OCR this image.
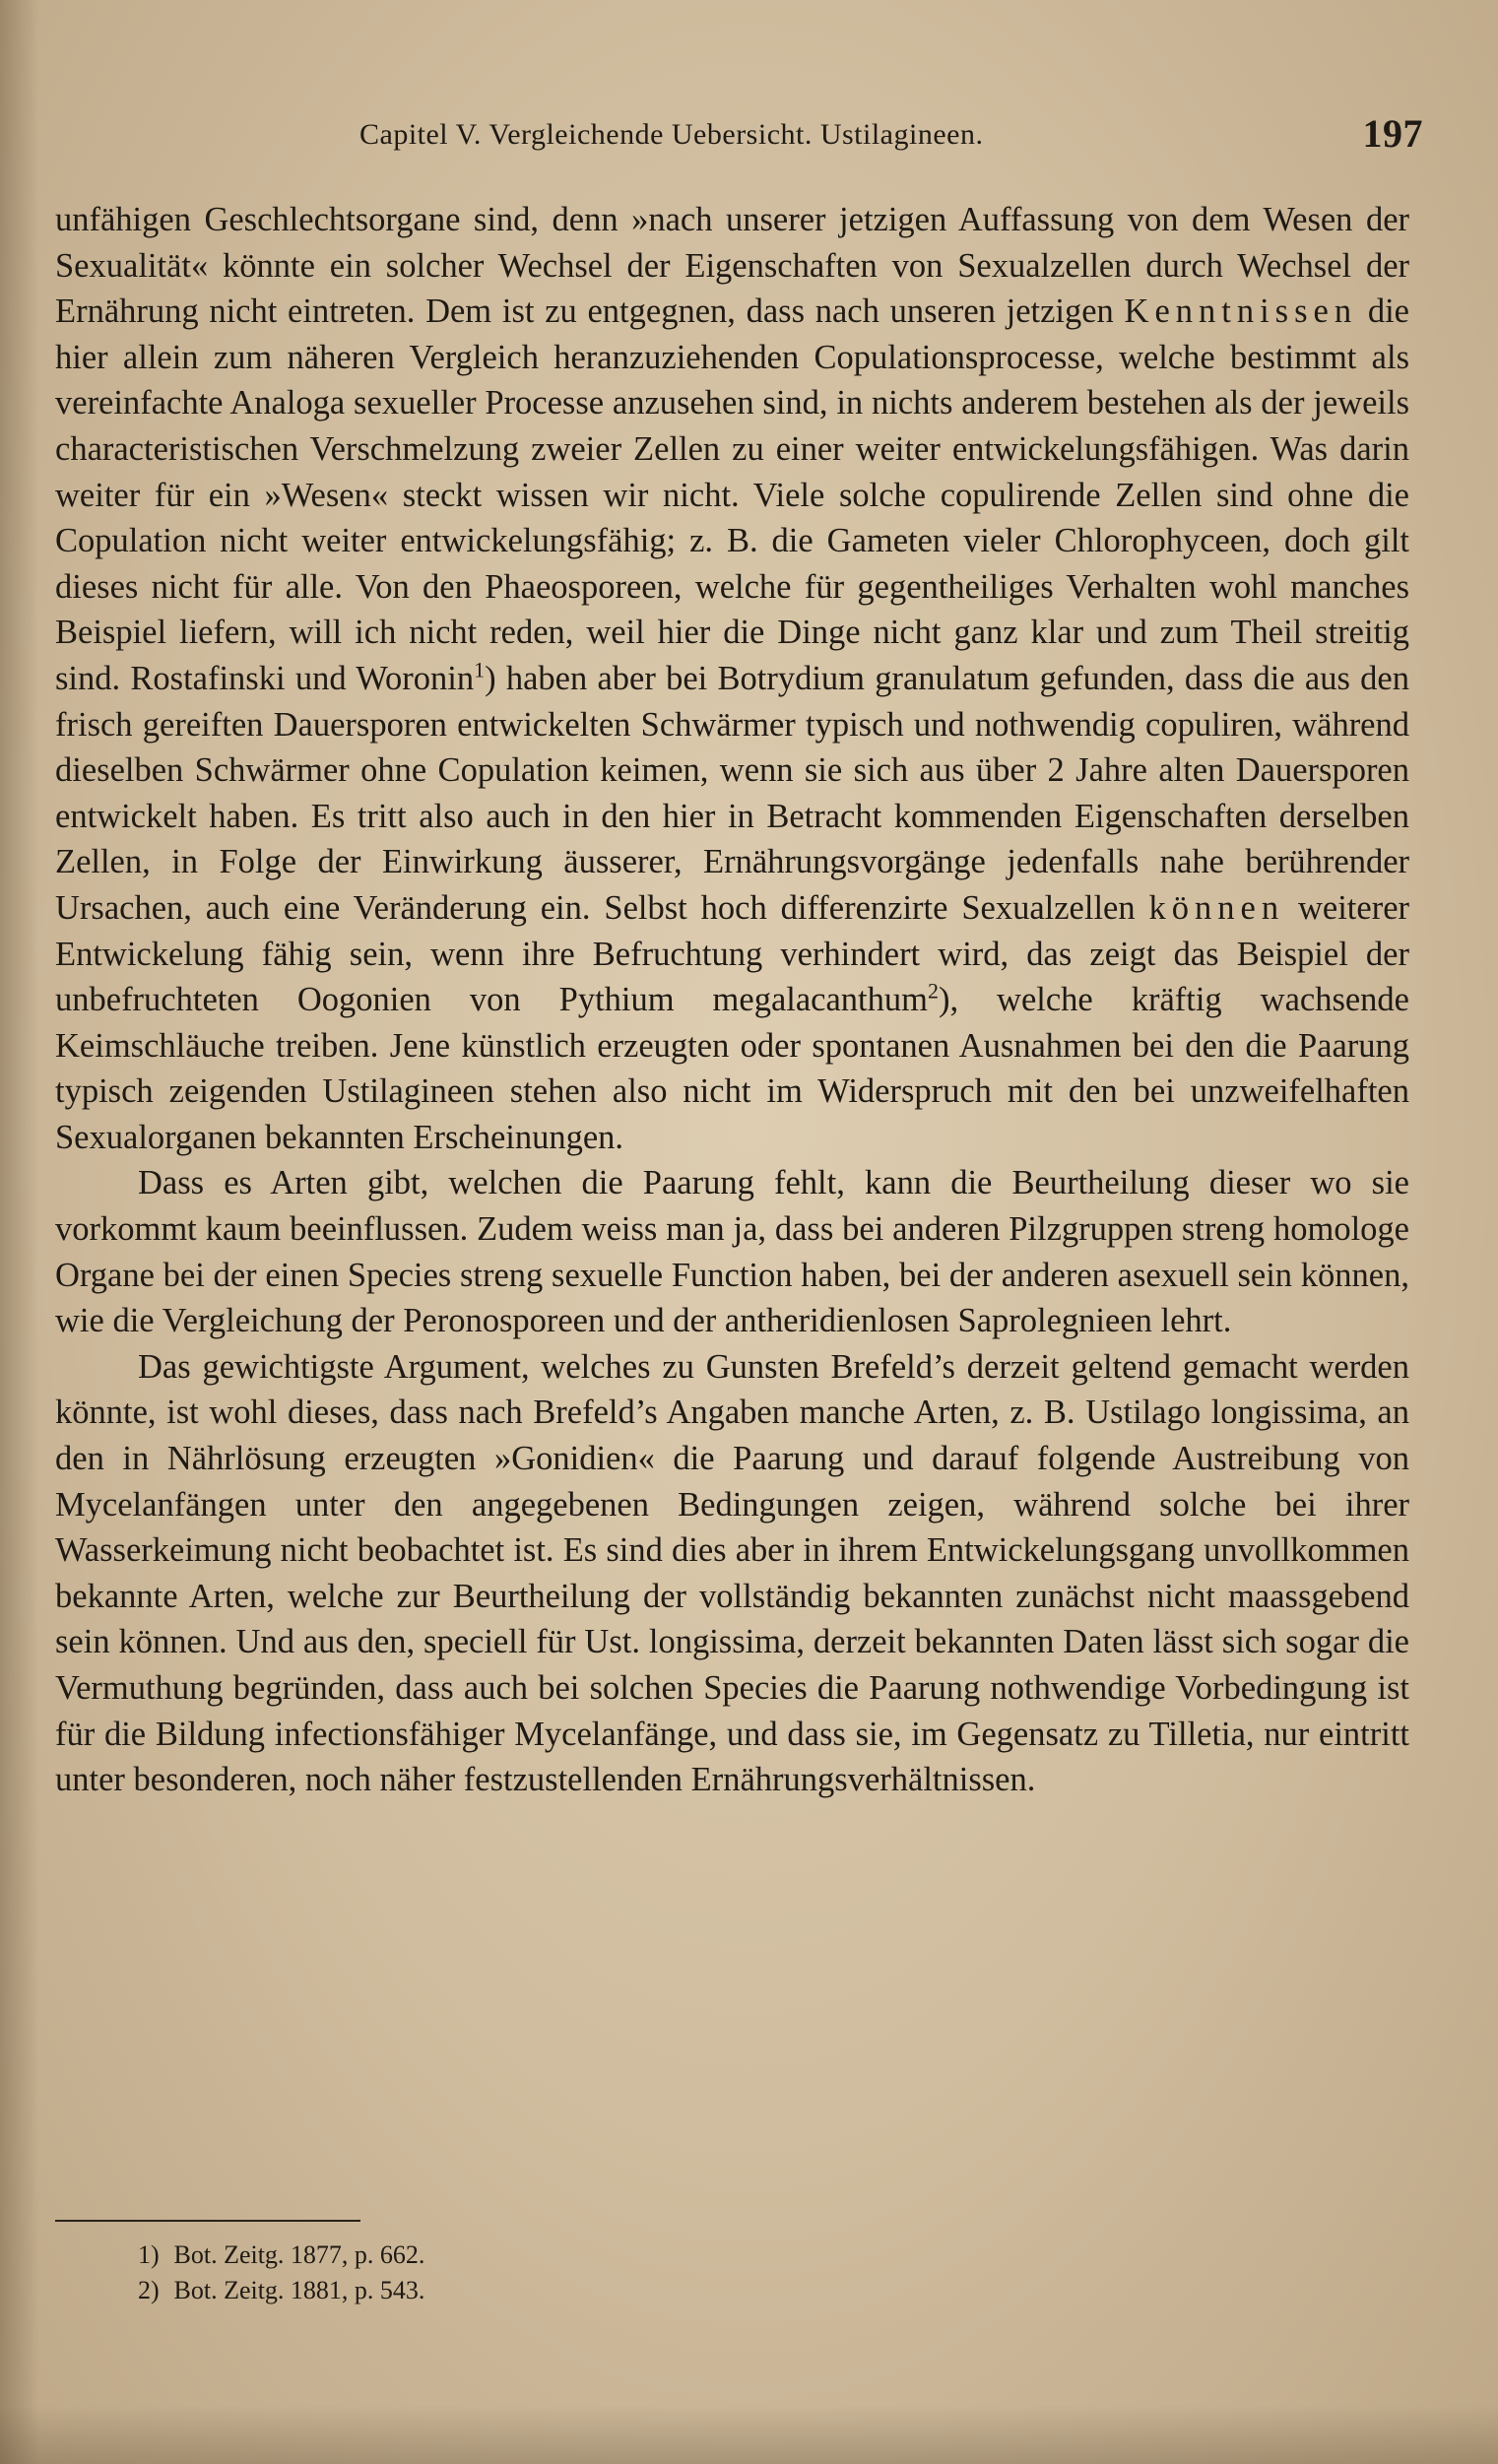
Capitel V. Vergleichende Uebersicht. Ustilagineen.	197

unfähigen Geschlechtsorgane sind, denn »nach unserer jetzigen Auffassung von dem Wesen der Sexualität« könnte ein solcher Wechsel der Eigenschaften von Sexualzellen durch Wechsel der Ernährung nicht eintreten. Dem ist zu entgegnen, dass nach unseren jetzigen Kenntnissen die hier allein zum näheren Vergleich heranzuziehenden Copulationsprocesse, welche bestimmt als vereinfachte Analoga sexueller Processe anzusehen sind, in nichts anderem bestehen als der jeweils characteristischen Verschmelzung zweier Zellen zu einer weiter entwickelungsfähigen. Was darin weiter für ein »Wesen« steckt wissen wir nicht. Viele solche copulirende Zellen sind ohne die Copulation nicht weiter entwickelungsfähig; z. B. die Gameten vieler Chlorophyceen, doch gilt dieses nicht für alle. Von den Phaeosporeen, welche für gegentheiliges Verhalten wohl manches Beispiel liefern, will ich nicht reden, weil hier die Dinge nicht ganz klar und zum Theil streitig sind. Rostafinski und Woronin$^1$) haben aber bei Botrydium granulatum gefunden, dass die aus den frisch gereiften Dauersporen entwickelten Schwärmer typisch und nothwendig copuliren, während dieselben Schwärmer ohne Copulation keimen, wenn sie sich aus über 2 Jahre alten Dauersporen entwickelt haben. Es tritt also auch in den hier in Betracht kommenden Eigenschaften derselben Zellen, in Folge der Einwirkung äusserer, Ernährungsvorgänge jedenfalls nahe berührender Ursachen, auch eine Veränderung ein. Selbst hoch differenzirte Sexualzellen können weiterer Entwickelung fähig sein, wenn ihre Befruchtung verhindert wird, das zeigt das Beispiel der unbefruchteten Oogonien von Pythium megalacanthum$^2$), welche kräftig wachsende Keimschläuche treiben. Jene künstlich erzeugten oder spontanen Ausnahmen bei den die Paarung typisch zeigenden Ustilagineen stehen also nicht im Widerspruch mit den bei unzweifelhaften Sexualorganen bekannten Erscheinungen.

Dass es Arten gibt, welchen die Paarung fehlt, kann die Beurtheilung dieser wo sie vorkommt kaum beeinflussen. Zudem weiss man ja, dass bei anderen Pilzgruppen streng homologe Organe bei der einen Species streng sexuelle Function haben, bei der anderen asexuell sein können, wie die Vergleichung der Peronosporeen und der antheridienlosen Saprolegnieen lehrt.

Das gewichtigste Argument, welches zu Gunsten Brefeld’s derzeit geltend gemacht werden könnte, ist wohl dieses, dass nach Brefeld’s Angaben manche Arten, z. B. Ustilago longissima, an den in Nährlösung erzeugten »Gonidien« die Paarung und darauf folgende Austreibung von Mycelanfängen unter den angegebenen Bedingungen zeigen, während solche bei ihrer Wasserkeimung nicht beobachtet ist. Es sind dies aber in ihrem Entwickelungsgang unvollkommen bekannte Arten, welche zur Beurtheilung der vollständig bekannten zunächst nicht maassgebend sein können. Und aus den, speciell für Ust. longissima, derzeit bekannten Daten lässt sich sogar die Vermuthung begründen, dass auch bei solchen Species die Paarung nothwendige Vorbedingung ist für die Bildung infectionsfähiger Mycelanfänge, und dass sie, im Gegensatz zu Tilletia, nur eintritt unter besonderen, noch näher festzustellenden Ernährungsverhältnissen.

1) Bot. Zeitg. 1877, p. 662.

2) Bot. Zeitg. 1881, p. 543.
